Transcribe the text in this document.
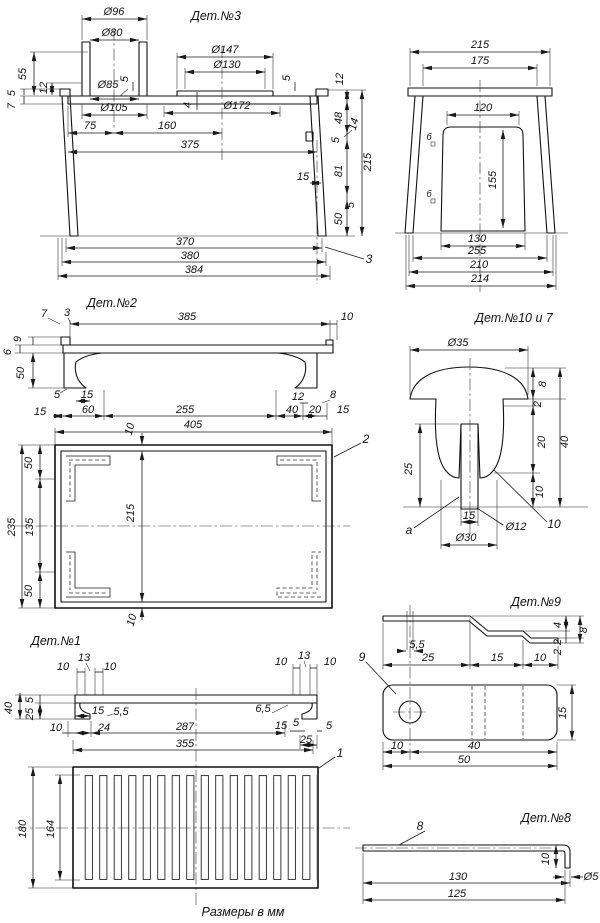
Дет.№3
Ø96
Ø80
55
12
5
7
Ø85
Ø105
75	160
375
Ø147
Ø130
5	5	12
48 14
5
81
15
5
50
215
4	Ø172
370
380
384
3
б
б
215
175
120
155
130
255
210
214
Дет.№2
7 3	385	10
9
6
50
5 15
15	60	255	40 20 15
12 8
405
235
50
135
50
215
10
10
2
Дет.№10 и 7
Ø35
8
2
20
10
40
25
15
Ø30
Ø12
a	10
Дет.№1
10
13
10	10 13 10
40
5
25
10
15 5,5
24	287
355
6,5
15 5 5
25
1
9
180 164
Дет.№9
5,5
25	15	10
4
2
2
8
15
10	40
50
Дет.№8
8
10
130
125
Ø5
Размеры в мм
